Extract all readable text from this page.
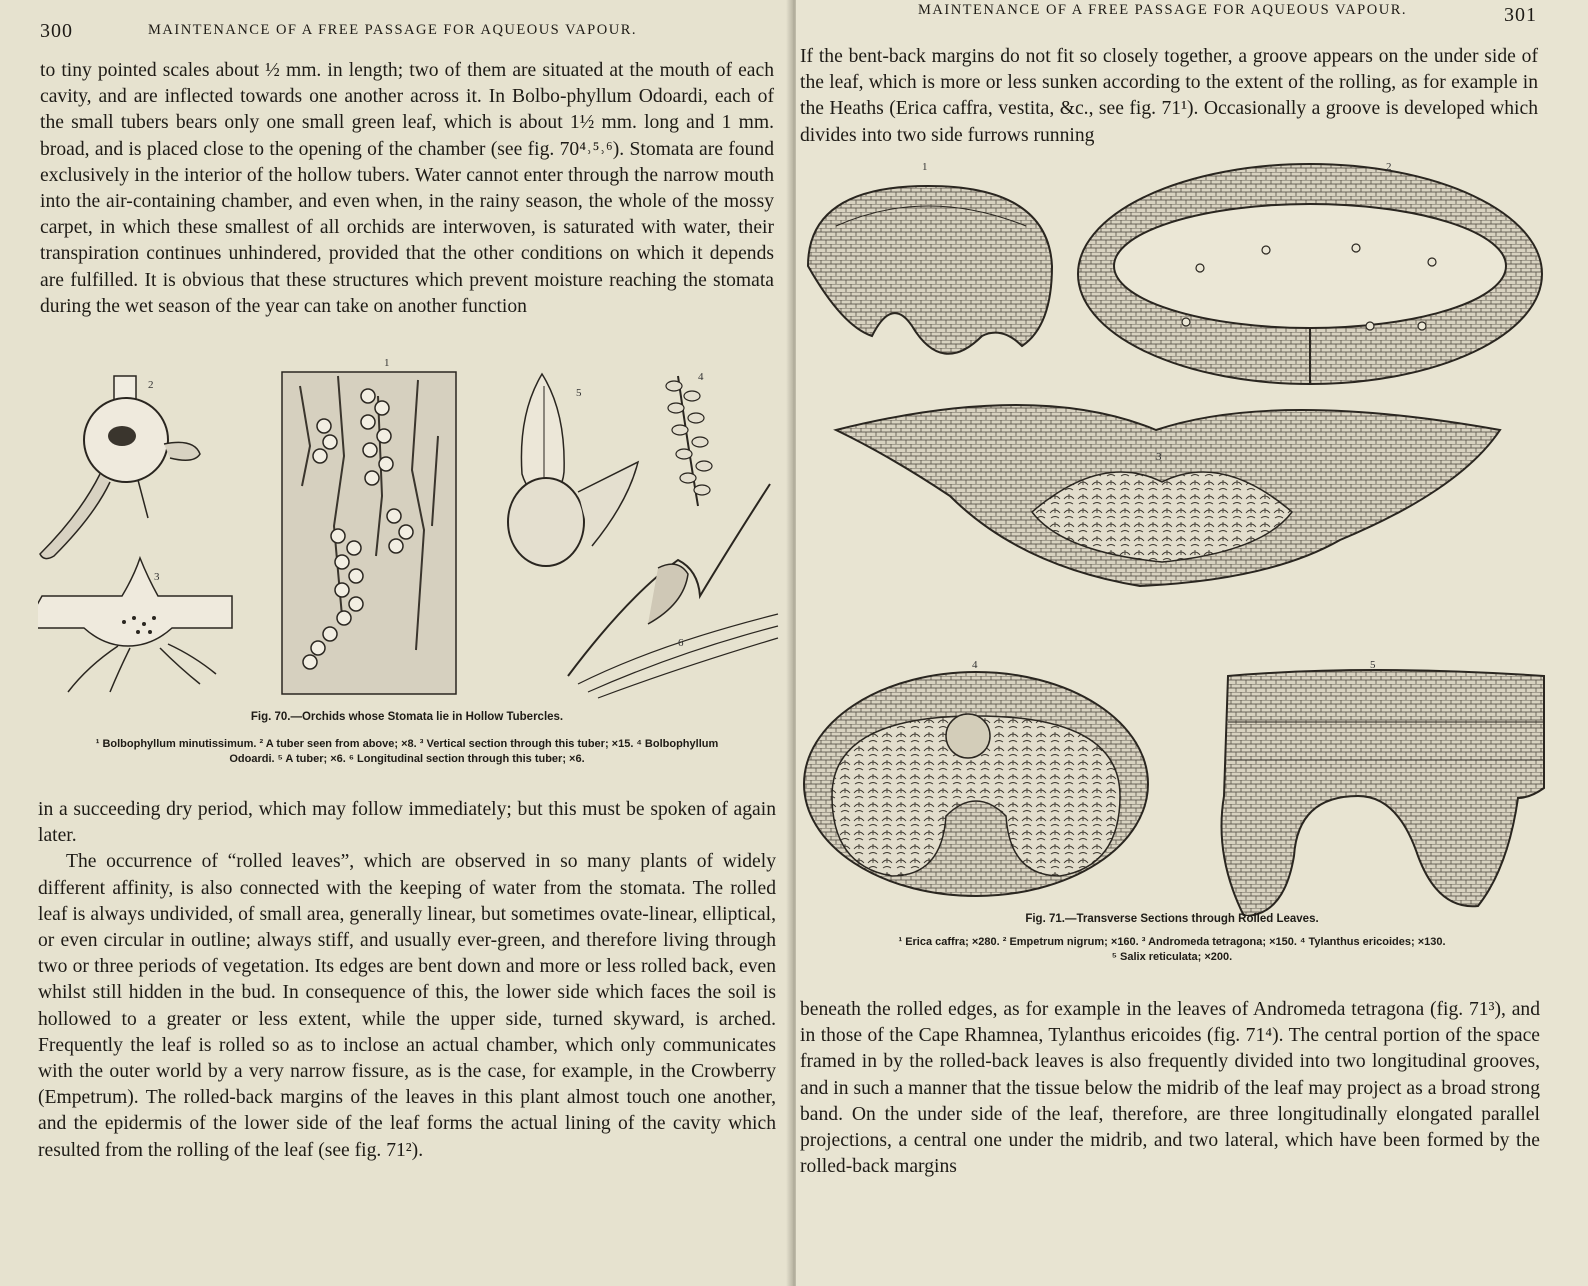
300	MAINTENANCE OF A FREE PASSAGE FOR AQUEOUS VAPOUR.

to tiny pointed scales about ½ mm. in length; two of them are situated at the mouth of each cavity, and are inflected towards one another across it. In Bolbo-phyllum Odoardi, each of the small tubers bears only one small green leaf, which is about 1½ mm. long and 1 mm. broad, and is placed close to the opening of the chamber (see fig. 70⁴˒⁵˒⁶). Stomata are found exclusively in the interior of the hollow tubers. Water cannot enter through the narrow mouth into the air-containing chamber, and even when, in the rainy season, the whole of the mossy carpet, in which these smallest of all orchids are interwoven, is saturated with water, their transpiration continues unhindered, provided that the other conditions on which it depends are fulfilled. It is obvious that these structures which prevent moisture reaching the stomata during the wet season of the year can take on another function

2
3
1
5
4
6
Fig. 70.—Orchids whose Stomata lie in Hollow Tubercles.
¹ Bolbophyllum minutissimum. ² A tuber seen from above; ×8. ³ Vertical section through this tuber; ×15. ⁴ Bolbophyllum
Odoardi. ⁵ A tuber; ×6. ⁶ Longitudinal section through this tuber; ×6.

in a succeeding dry period, which may follow immediately; but this must be spoken of again later.

The occurrence of “rolled leaves”, which are observed in so many plants of widely different affinity, is also connected with the keeping of water from the stomata. The rolled leaf is always undivided, of small area, generally linear, but sometimes ovate-linear, elliptical, or even circular in outline; always stiff, and usually ever-green, and therefore living through two or three periods of vegetation. Its edges are bent down and more or less rolled back, even whilst still hidden in the bud. In consequence of this, the lower side which faces the soil is hollowed to a greater or less extent, while the upper side, turned skyward, is arched. Frequently the leaf is rolled so as to inclose an actual chamber, which only communicates with the outer world by a very narrow fissure, as is the case, for example, in the Crowberry (Empetrum). The rolled-back margins of the leaves in this plant almost touch one another, and the epidermis of the lower side of the leaf forms the actual lining of the cavity which resulted from the rolling of the leaf (see fig. 71²).

MAINTENANCE OF A FREE PASSAGE FOR AQUEOUS VAPOUR.	301

If the bent-back margins do not fit so closely together, a groove appears on the under side of the leaf, which is more or less sunken according to the extent of the rolling, as for example in the Heaths (Erica caffra, vestita, &c., see fig. 71¹). Occasionally a groove is developed which divides into two side furrows running

1	2
3
4	5
Fig. 71.—Transverse Sections through Rolled Leaves.
¹ Erica caffra; ×280. ² Empetrum nigrum; ×160. ³ Andromeda tetragona; ×150. ⁴ Tylanthus ericoides; ×130.
⁵ Salix reticulata; ×200.

beneath the rolled edges, as for example in the leaves of Andromeda tetragona (fig. 71³), and in those of the Cape Rhamnea, Tylanthus ericoides (fig. 71⁴). The central portion of the space framed in by the rolled-back leaves is also frequently divided into two longitudinal grooves, and in such a manner that the tissue below the midrib of the leaf may project as a broad strong band. On the under side of the leaf, therefore, are three longitudinally elongated parallel projections, a central one under the midrib, and two lateral, which have been formed by the rolled-back margins
